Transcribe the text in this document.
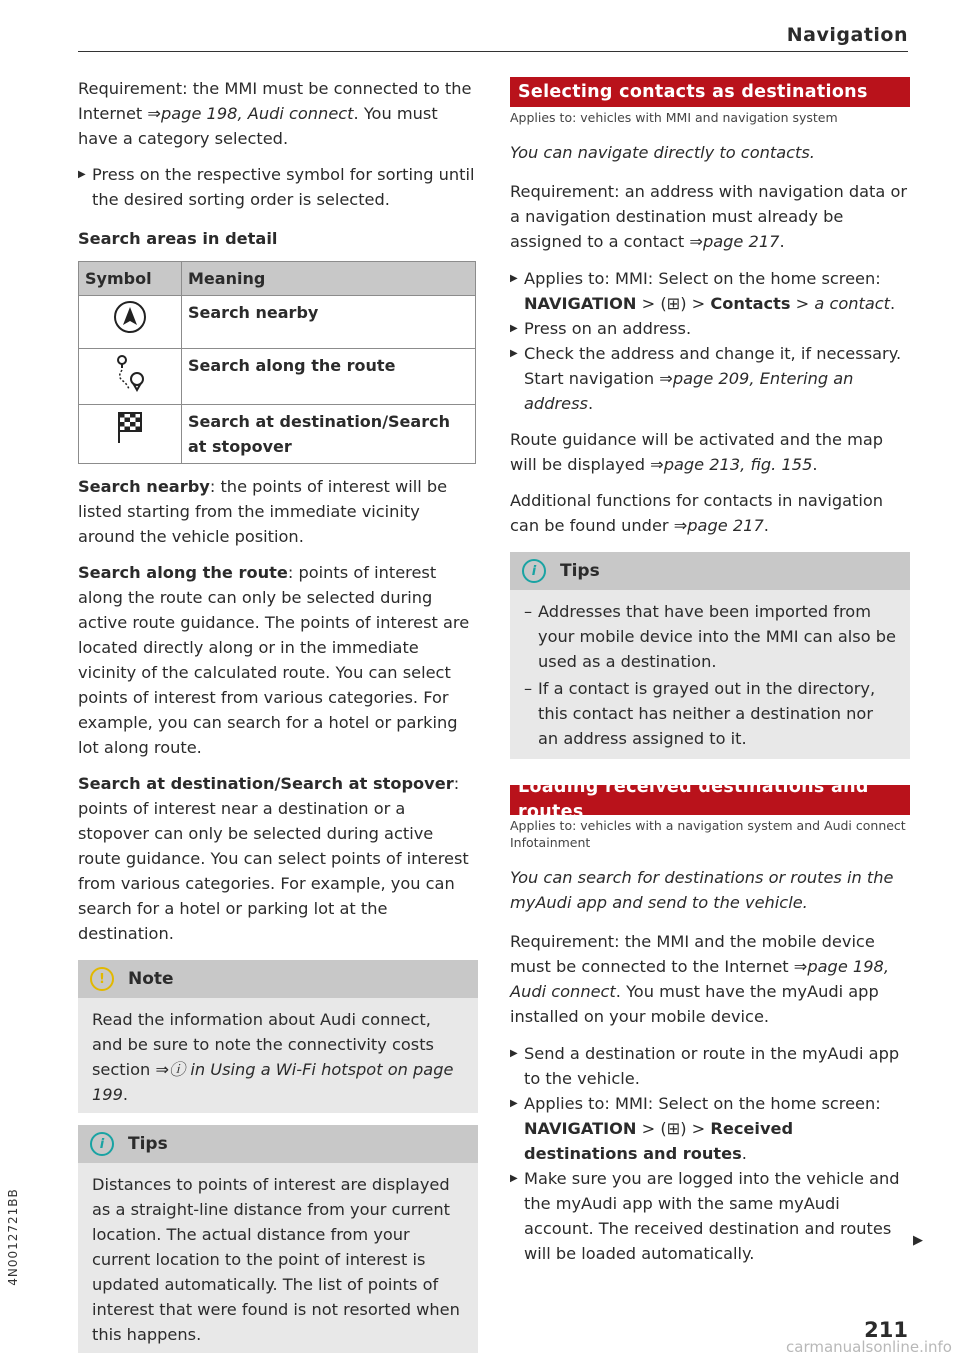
Navigation

Requirement: the MMI must be connected to the Internet ⇒page 198, Audi connect. You must have a category selected.

▶ Press on the respective symbol for sorting until the desired sorting order is selected.

Search areas in detail
Symbol	Meaning
	Search nearby
	Search along the route
	Search at destination/Search at stopover

Search nearby: the points of interest will be listed starting from the immediate vicinity around the vehicle position.

Search along the route: points of interest along the route can only be selected during active route guidance. The points of interest are located directly along or in the immediate vicinity of the calculated route. You can select points of interest from various categories. For example, you can search for a hotel or parking lot along route.

Search at destination/Search at stopover: points of interest near a destination or a stopover can only be selected during active route guidance. You can select points of interest from various categories. For example, you can search for a hotel or parking lot at the destination.

!	Note
Read the information about Audi connect, and be sure to note the connectivity costs section ⇒ⓘ in Using a Wi-Fi hotspot on page 199.
i	Tips
Distances to points of interest are displayed as a straight-line distance from your current location. The actual distance from your current location to the point of interest is updated automatically. The list of points of interest that were found is not resorted when this happens.
Selecting contacts as destinations
Applies to: vehicles with MMI and navigation system

You can navigate directly to contacts.

Requirement: an address with navigation data or a navigation destination must already be assigned to a contact ⇒page 217.

▶ Applies to: MMI: Select on the home screen: NAVIGATION > (⊞) > Contacts > a contact.

▶ Press on an address.

▶ Check the address and change it, if necessary. Start navigation ⇒page 209, Entering an address.

Route guidance will be activated and the map will be displayed ⇒page 213, fig. 155.

Additional functions for contacts in navigation can be found under ⇒page 217.

i	Tips

– Addresses that have been imported from your mobile device into the MMI can also be used as a destination.

– If a contact is grayed out in the directory, this contact has neither a destination nor an address assigned to it.

Loading received destinations and routes
Applies to: vehicles with a navigation system and Audi connect Infotainment

You can search for destinations or routes in the myAudi app and send to the vehicle.

Requirement: the MMI and the mobile device must be connected to the Internet ⇒page 198, Audi connect. You must have the myAudi app installed on your mobile device.

▶ Send a destination or route in the myAudi app to the vehicle.

▶ Applies to: MMI: Select on the home screen: NAVIGATION > (⊞) > Received destinations and routes.

▶ Make sure you are logged into the vehicle and the myAudi app with the same myAudi account. The received destination and routes will be loaded automatically.

▶
4N0012721BB
211
carmanualsonline.info
